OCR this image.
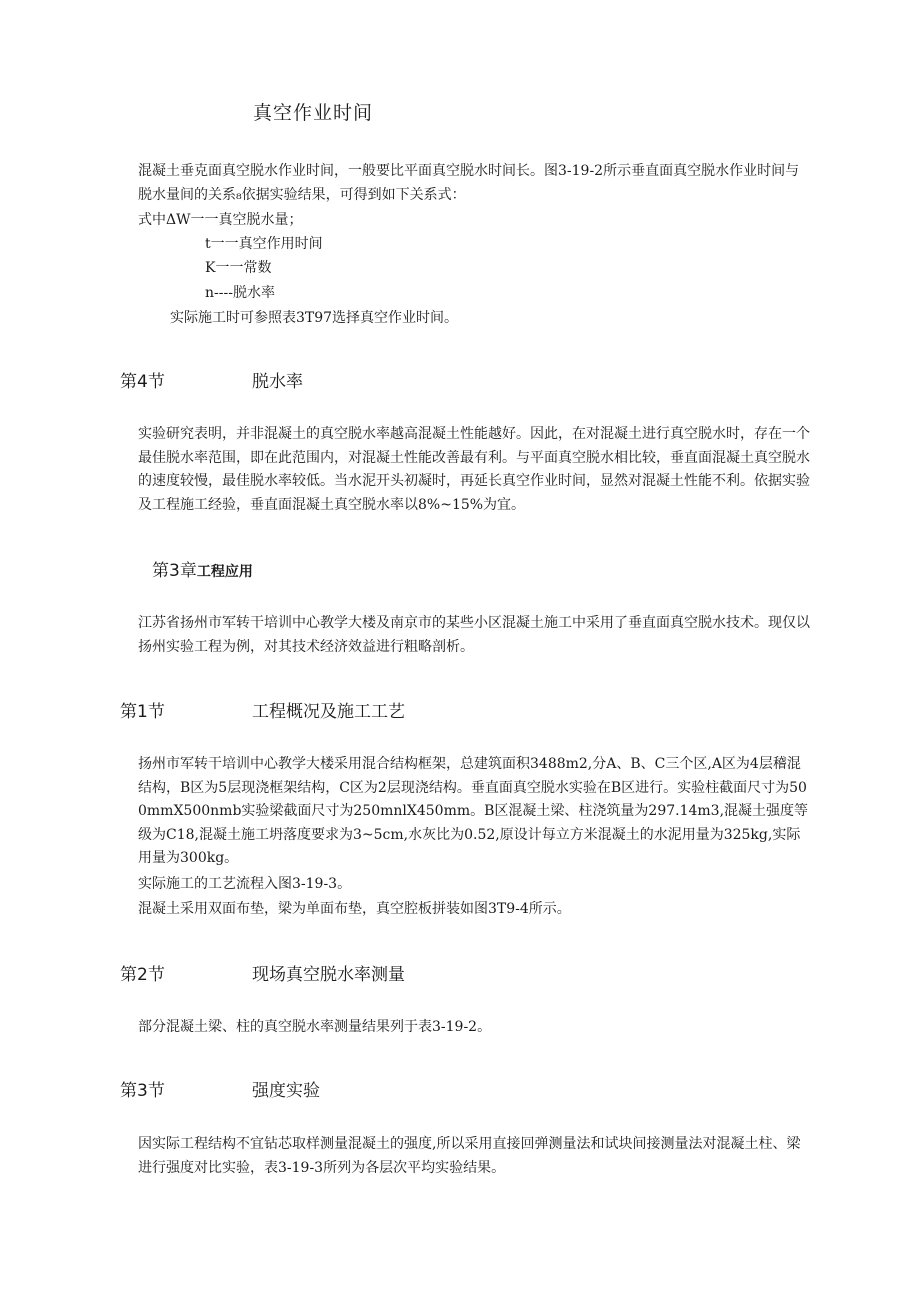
真空作业时间

混凝土垂克面真空脱水作业时间，一般要比平面真空脱水时间长。图3-19-2所示垂直面真空脱水作业时间与脱水量间的关系₈依据实验结果，可得到如下关系式：

式中ΔW一一真空脱水量；
t一一真空作用时间
K一一常数
n----脱水率
实际施工时可参照表3T97选择真空作业时间。
第4节	脱水率

实验研究表明，并非混凝土的真空脱水率越高混凝土性能越好。因此，在对混凝土进行真空脱水时，存在一个最佳脱水率范围，即在此范围内，对混凝土性能改善最有利。与平面真空脱水相比较，垂直面混凝土真空脱水的速度较慢，最佳脱水率较低。当水泥开头初凝时，再延长真空作业时间，显然对混凝土性能不利。依据实验及工程施工经验，垂直面混凝土真空脱水率以8%~15%为宜。

第3章工程应用

江苏省扬州市军转干培训中心教学大楼及南京市的某些小区混凝土施工中采用了垂直面真空脱水技术。现仅以扬州实验工程为例，对其技术经济效益进行粗略剖析。

第1节	工程概况及施工工艺

扬州市军转干培训中心教学大楼采用混合结构框架，总建筑面积3488m2,分A、B、C三个区,A区为4层稽混结构，B区为5层现浇框架结构，C区为2层现浇结构。垂直面真空脱水实验在B区进行。实验柱截面尺寸为500mmX500nmb实验梁截面尺寸为250mnlX450mm。B区混凝土梁、柱浇筑量为297.14m3,混凝土强度等级为C18,混凝土施工坍落度要求为3~5cm,水灰比为0.52,原设计每立方米混凝土的水泥用量为325kg,实际用量为300kg。

实际施工的工艺流程入图3-19-3。
混凝土采用双面布垫，梁为单面布垫，真空腔板拼装如图3T9-4所示。
第2节	现场真空脱水率测量
部分混凝土梁、柱的真空脱水率测量结果列于表3-19-2。
第3节	强度实验

因实际工程结构不宜钻芯取样测量混凝土的强度,所以采用直接回弹测量法和试块间接测量法对混凝土柱、梁进行强度对比实验，表3-19-3所列为各层次平均实验结果。
